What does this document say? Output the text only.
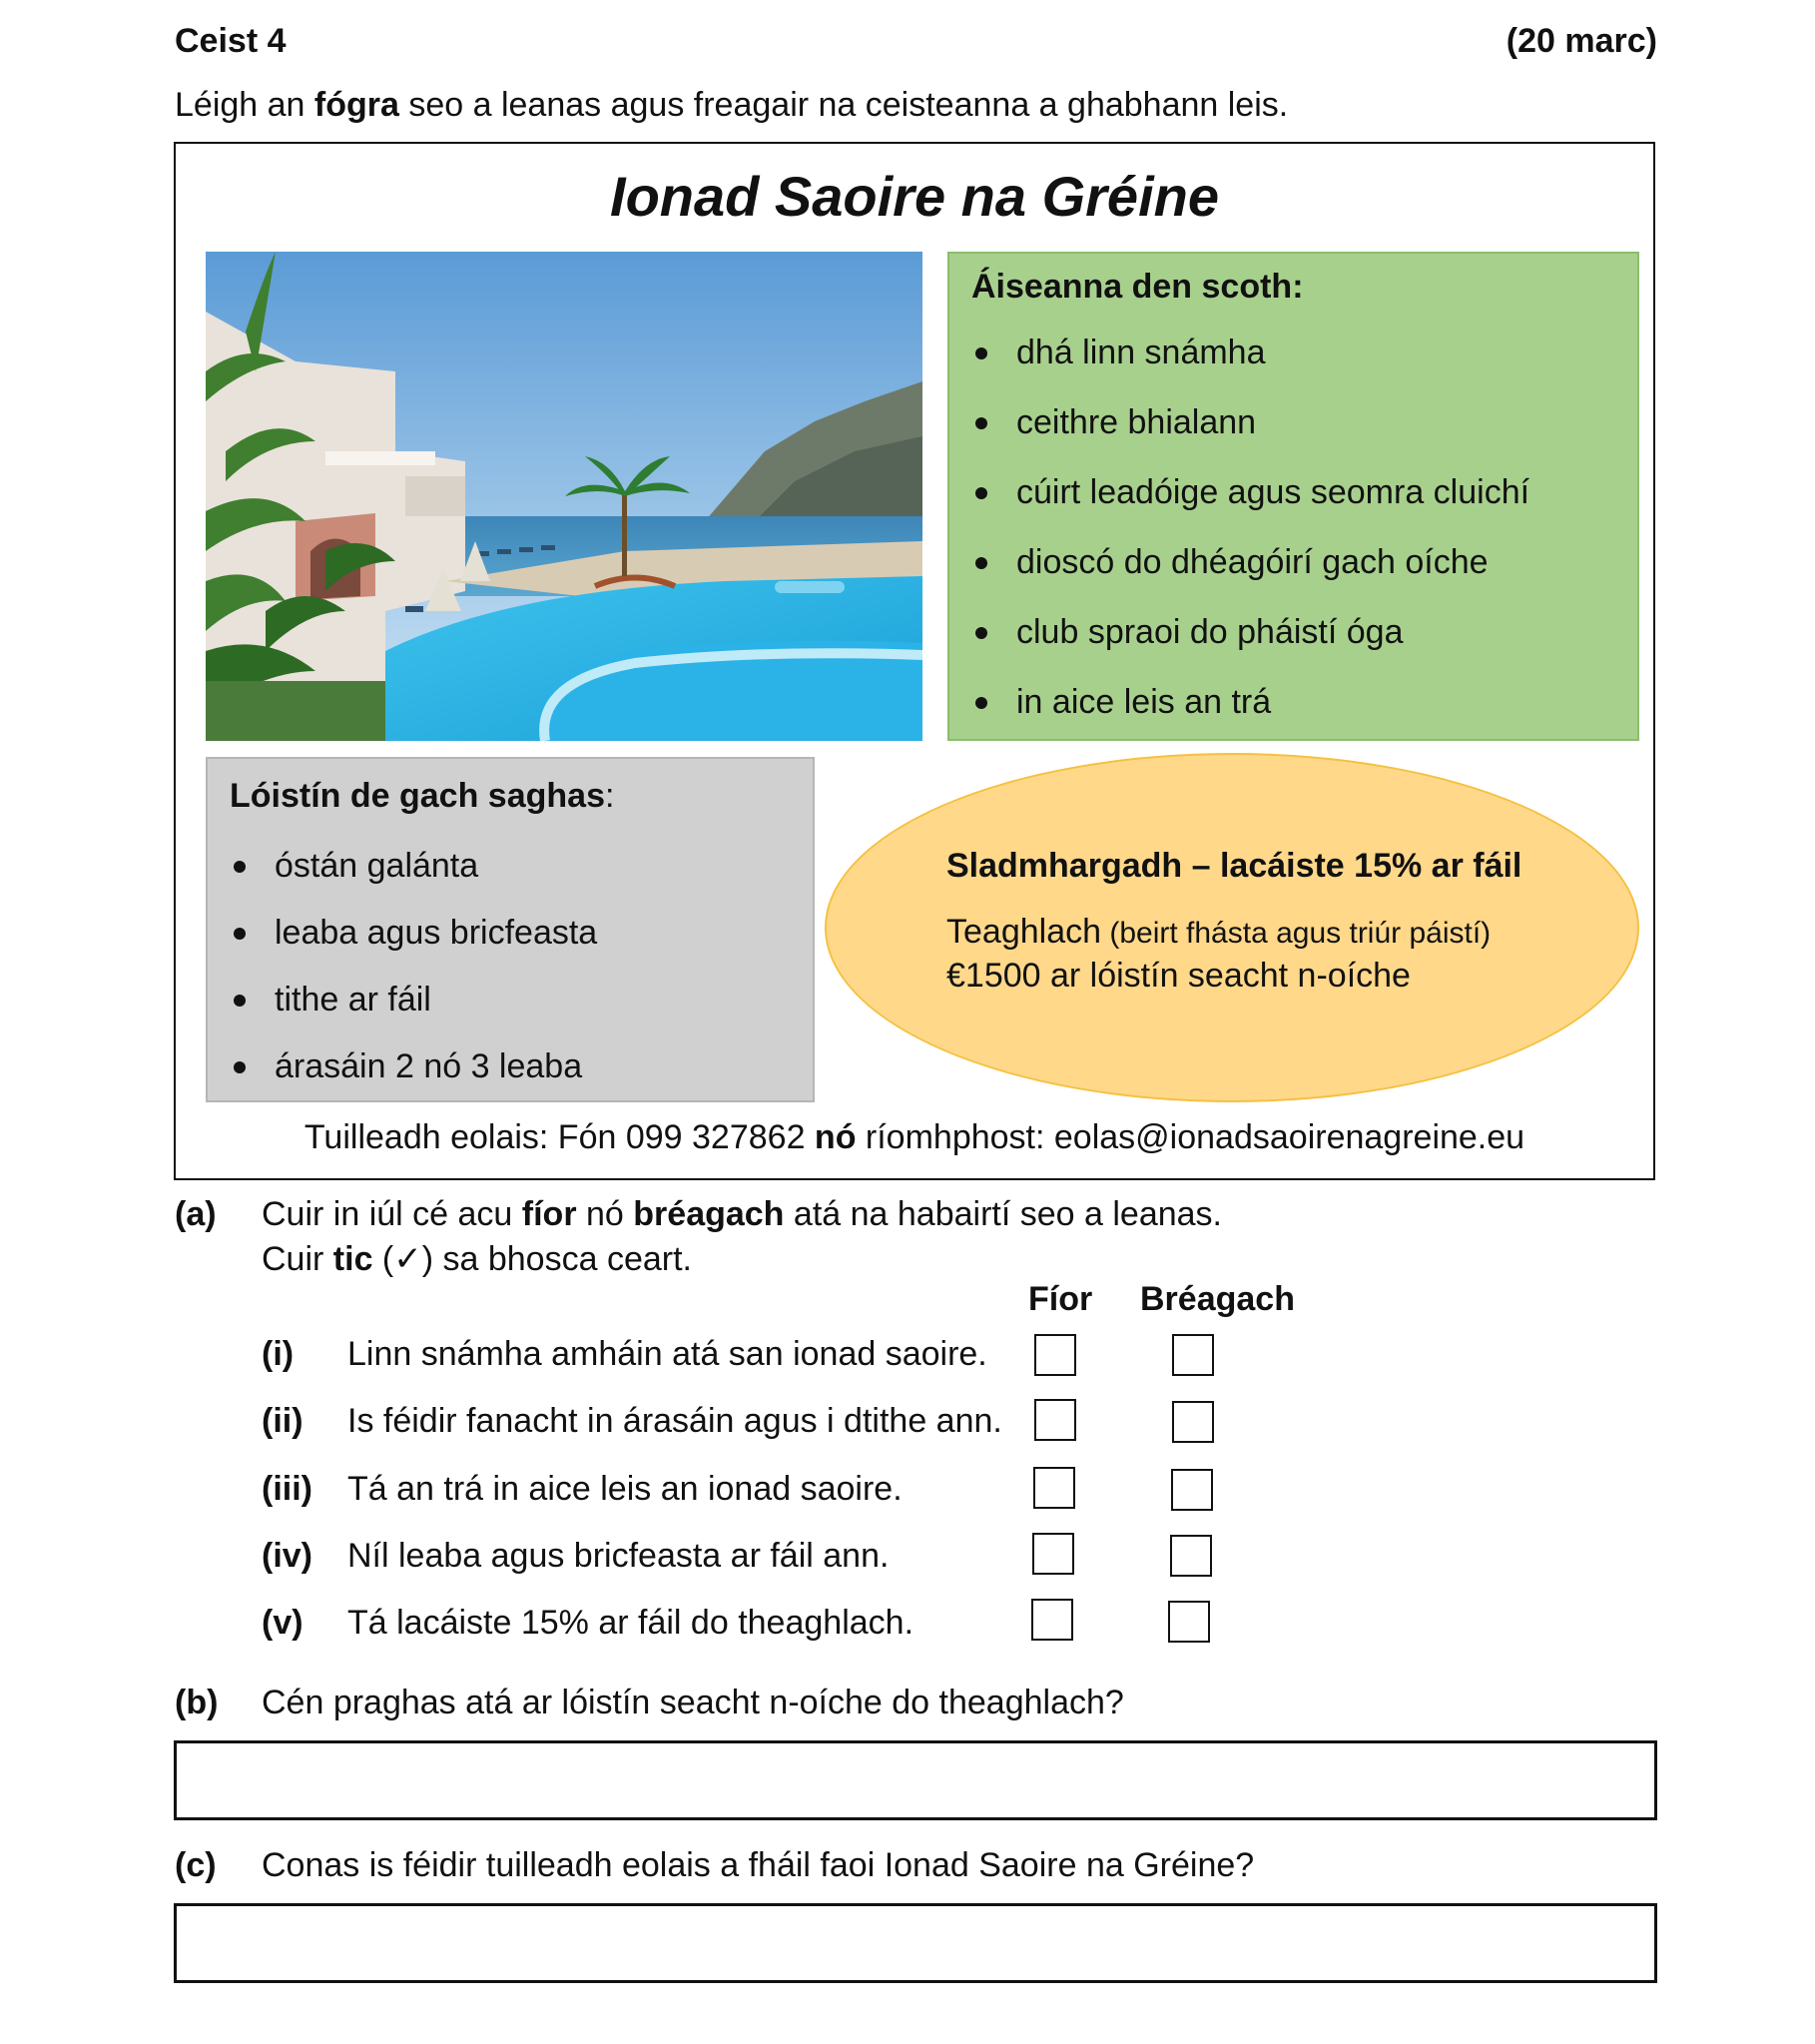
Ceist 4	(20 marc)
Léigh an fógra seo a leanas agus freagair na ceisteanna a ghabhann leis.
Ionad Saoire na Gréine
Áiseanna den scoth:
dhá linn snámha
ceithre bhialann
cúirt leadóige agus seomra cluichí
dioscó do dhéagóirí gach oíche
club spraoi do pháistí óga
in aice leis an trá
Lóistín de gach saghas:
óstán galánta
leaba agus bricfeasta
tithe ar fáil
árasáin 2 nó 3 leaba
Sladmhargadh – lacáiste 15% ar fáil
Teaghlach (beirt fhásta agus triúr páistí)
€1500 ar lóistín seacht n-oíche
Tuilleadh eolais: Fón 099 327862 nó ríomhphost: eolas@ionadsaoirenagreine.eu
(a) Cuir in iúl cé acu fíor nó bréagach atá na habairtí seo a leanas.
Cuir tic (✓) sa bhosca ceart.
Fíor Bréagach
(i) Linn snámha amháin atá san ionad saoire.
(ii) Is féidir fanacht in árasáin agus i dtithe ann.
(iii) Tá an trá in aice leis an ionad saoire.
(iv) Níl leaba agus bricfeasta ar fáil ann.
(v) Tá lacáiste 15% ar fáil do theaghlach.
(b) Cén praghas atá ar lóistín seacht n-oíche do theaghlach?
(c) Conas is féidir tuilleadh eolais a fháil faoi Ionad Saoire na Gréine?
